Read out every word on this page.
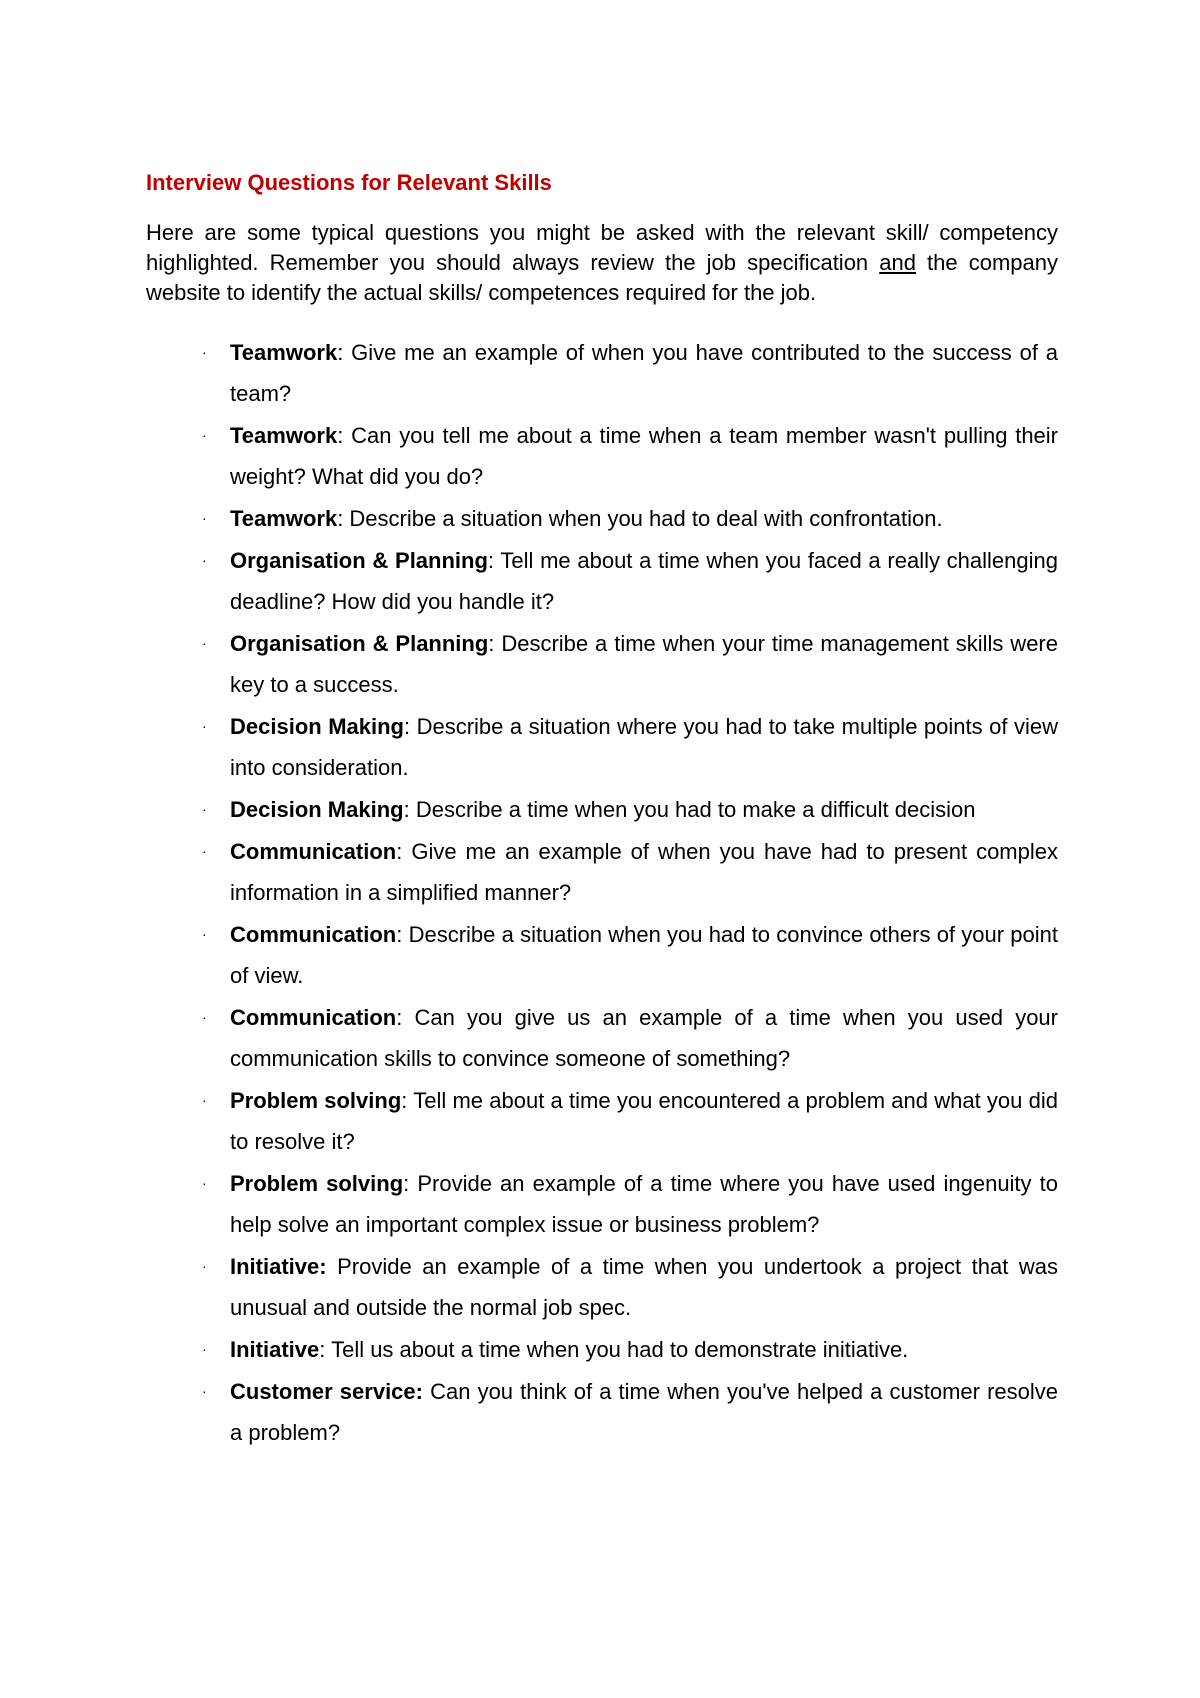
Interview Questions for Relevant Skills

Here are some typical questions you might be asked with the relevant skill/ competency highlighted. Remember you should always review the job specification and the company website to identify the actual skills/ competences required for the job.

· Teamwork: Give me an example of when you have contributed to the success of a team?
· Teamwork: Can you tell me about a time when a team member wasn't pulling their weight? What did you do?
· Teamwork: Describe a situation when you had to deal with confrontation.
· Organisation & Planning: Tell me about a time when you faced a really challenging deadline? How did you handle it?
· Organisation & Planning: Describe a time when your time management skills were key to a success.
· Decision Making: Describe a situation where you had to take multiple points of view into consideration.
· Decision Making: Describe a time when you had to make a difficult decision
· Communication: Give me an example of when you have had to present complex information in a simplified manner?
· Communication: Describe a situation when you had to convince others of your point of view.
· Communication: Can you give us an example of a time when you used your communication skills to convince someone of something?
· Problem solving: Tell me about a time you encountered a problem and what you did to resolve it?
· Problem solving: Provide an example of a time where you have used ingenuity to help solve an important complex issue or business problem?
· Initiative: Provide an example of a time when you undertook a project that was unusual and outside the normal job spec.
· Initiative: Tell us about a time when you had to demonstrate initiative.
· Customer service: Can you think of a time when you've helped a customer resolve a problem?
